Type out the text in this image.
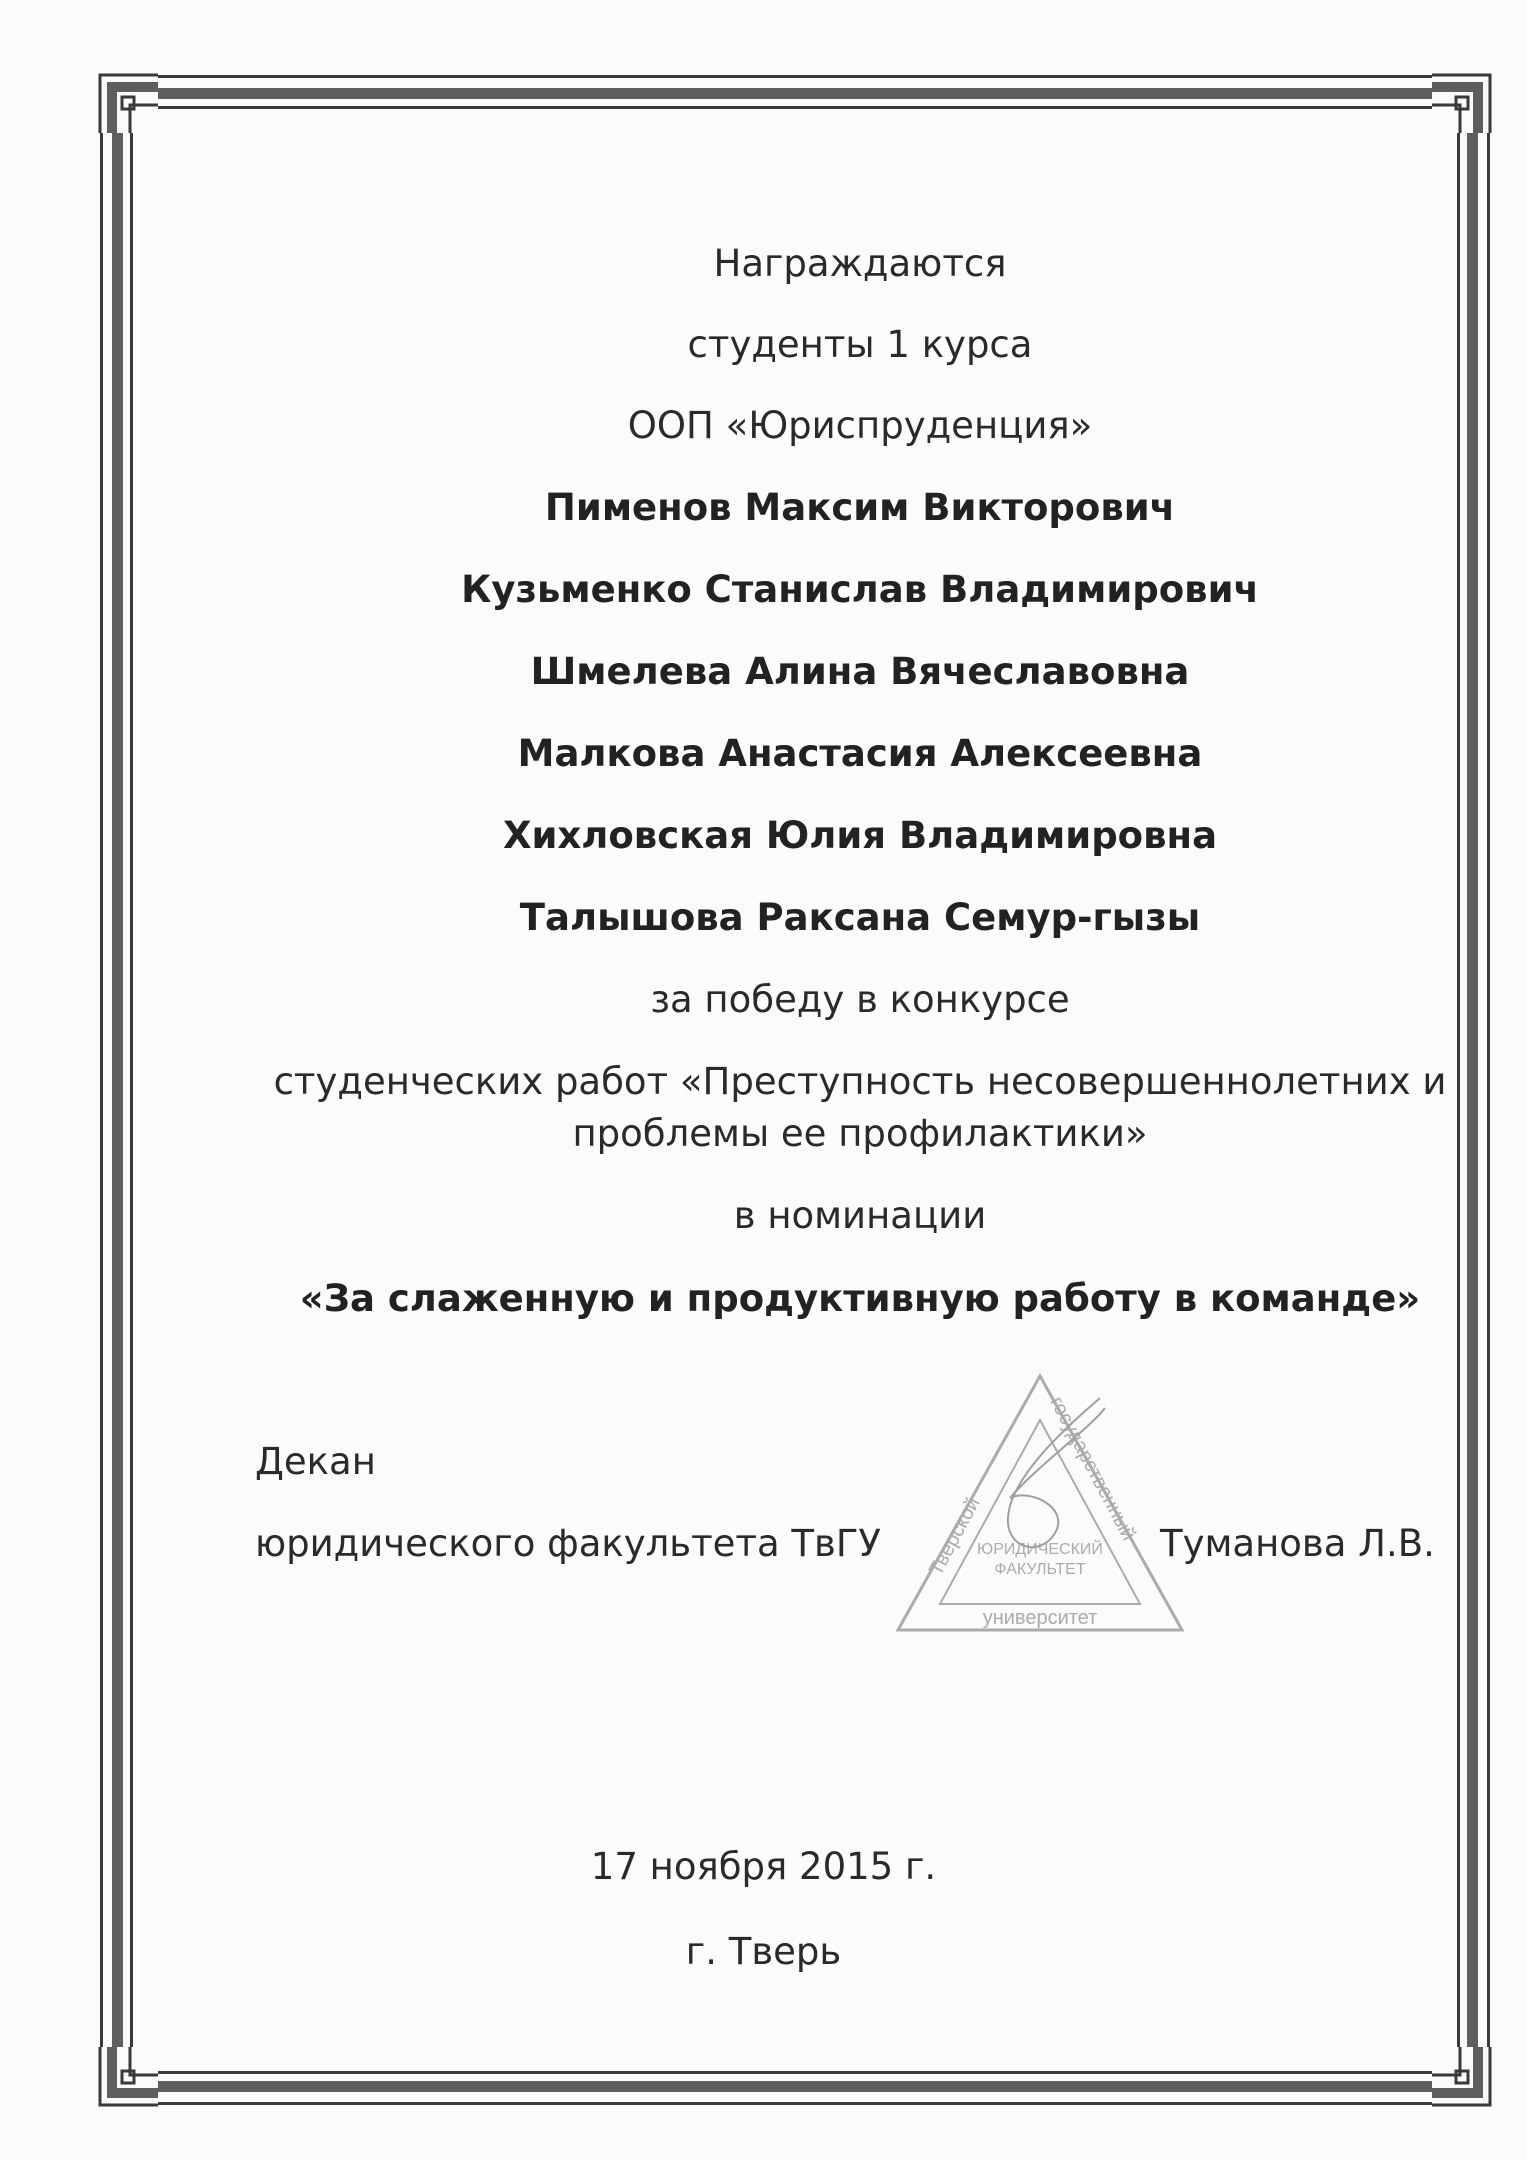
Награждаются
студенты 1 курса
ООП «Юриспруденция»
Пименов Максим Викторович
Кузьменко Станислав Владимирович
Шмелева Алина Вячеславовна
Малкова Анастасия Алексеевна
Хихловская Юлия Владимировна
Талышова Раксана Семур-гызы
за победу в конкурсе
студенческих работ «Преступность несовершеннолетних и
проблемы ее профилактики»
в номинации
«За слаженную и продуктивную работу в команде»
Декан
юридического факультета ТвГУ	Туманова Л.В.
Тверской
государственный
университет
ЮРИДИЧЕСКИЙ
ФАКУЛЬТЕТ
17 ноября 2015 г.
г. Тверь
